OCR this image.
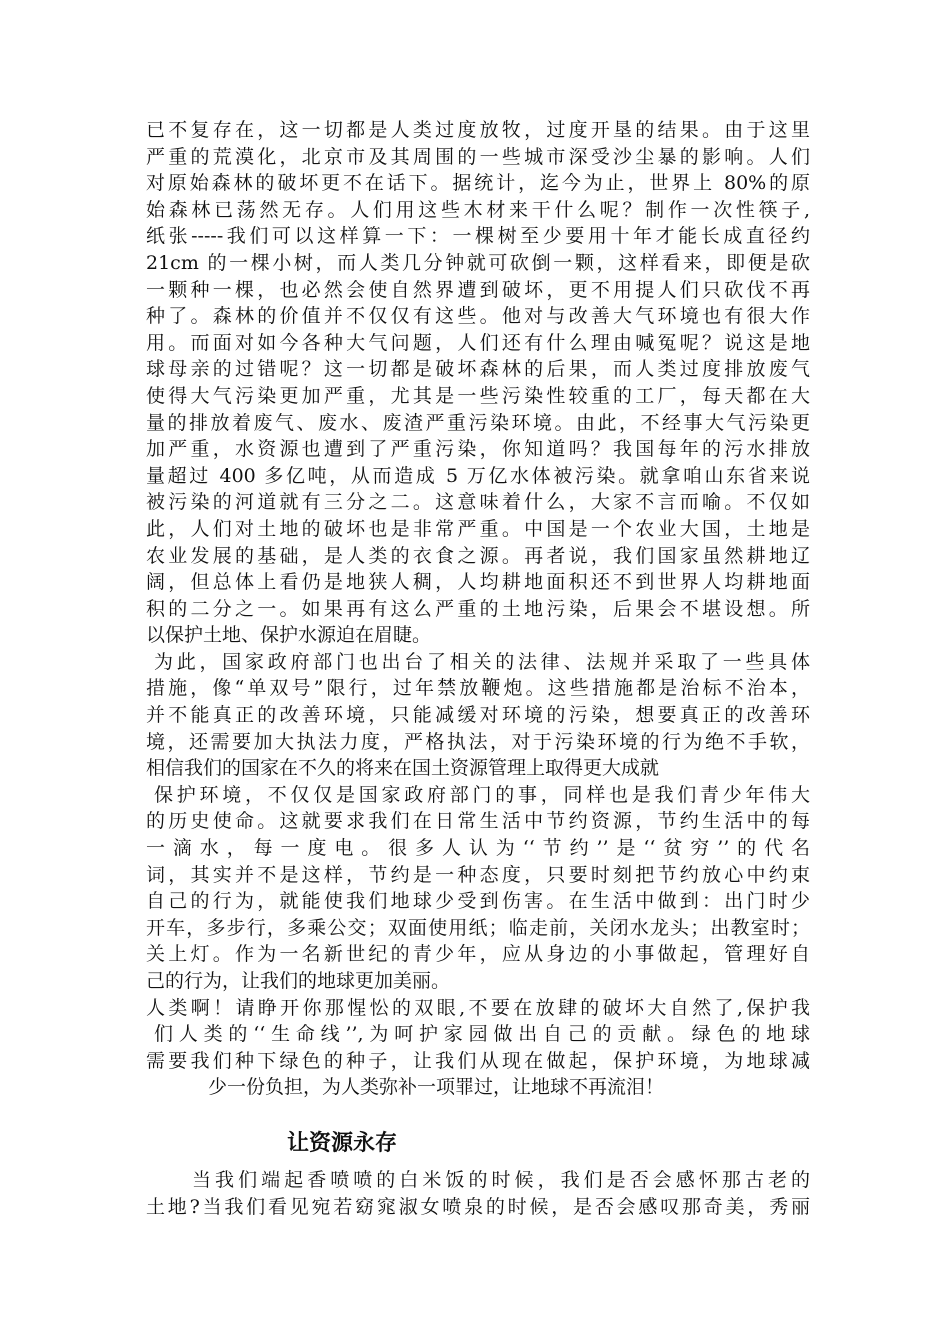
已不复存在，这一切都是人类过度放牧，过度开垦的结果。由于这里
严重的荒漠化，北京市及其周围的一些城市深受沙尘暴的影响。人们
对原始森林的破坏更不在话下。据统计，迄今为止，世界上 80%的原
始森林已荡然无存。人们用这些木材来干什么呢？制作一次性筷子,
纸张-----我们可以这样算一下：一棵树至少要用十年才能长成直径约
21cm 的一棵小树，而人类几分钟就可砍倒一颗，这样看来，即便是砍
一颗种一棵，也必然会使自然界遭到破坏，更不用提人们只砍伐不再
种了。森林的价值并不仅仅有这些。他对与改善大气环境也有很大作
用。而面对如今各种大气问题，人们还有什么理由喊冤呢？说这是地
球母亲的过错呢？这一切都是破坏森林的后果，而人类过度排放废气
使得大气污染更加严重，尤其是一些污染性较重的工厂，每天都在大
量的排放着废气、废水、废渣严重污染环境。由此，不经事大气污染更
加严重，水资源也遭到了严重污染，你知道吗？我国每年的污水排放
量超过 400 多亿吨，从而造成 5 万亿水体被污染。就拿咱山东省来说
被污染的河道就有三分之二。这意味着什么，大家不言而喻。不仅如
此，人们对土地的破坏也是非常严重。中国是一个农业大国，土地是
农业发展的基础，是人类的衣食之源。再者说，我们国家虽然耕地辽
阔，但总体上看仍是地狭人稠，人均耕地面积还不到世界人均耕地面
积的二分之一。如果再有这么严重的土地污染，后果会不堪设想。所
以保护土地、保护水源迫在眉睫。
为此，国家政府部门也出台了相关的法律、法规并采取了一些具体
措施，像“单双号”限行，过年禁放鞭炮。这些措施都是治标不治本，
并不能真正的改善环境，只能减缓对环境的污染，想要真正的改善环
境，还需要加大执法力度，严格执法，对于污染环境的行为绝不手软，
相信我们的国家在不久的将来在国土资源管理上取得更大成就
保护环境，不仅仅是国家政府部门的事，同样也是我们青少年伟大
的历史使命。这就要求我们在日常生活中节约资源，节约生活中的每
一滴水，每一度电。很多人认为‘‘节约’’是‘‘贫穷’’的代名
词，其实并不是这样，节约是一种态度，只要时刻把节约放心中约束
自己的行为，就能使我们地球少受到伤害。在生活中做到：出门时少
开车，多步行，多乘公交；双面使用纸；临走前，关闭水龙头；出教室时；
关上灯。作为一名新世纪的青少年，应从身边的小事做起，管理好自
己的行为，让我们的地球更加美丽。
人类啊！请睁开你那惺忪的双眼,不要在放肆的破坏大自然了,保护我
们人类的‘‘生命线’’,为呵护家园做出自己的贡献。绿色的地球
需要我们种下绿色的种子，让我们从现在做起，保护环境，为地球减
少一份负担，为人类弥补一项罪过，让地球不再流泪！
让资源永存
当我们端起香喷喷的白米饭的时候，我们是否会感怀那古老的
土地?当我们看见宛若窈窕淑女喷泉的时候，是否会感叹那奇美，秀丽
